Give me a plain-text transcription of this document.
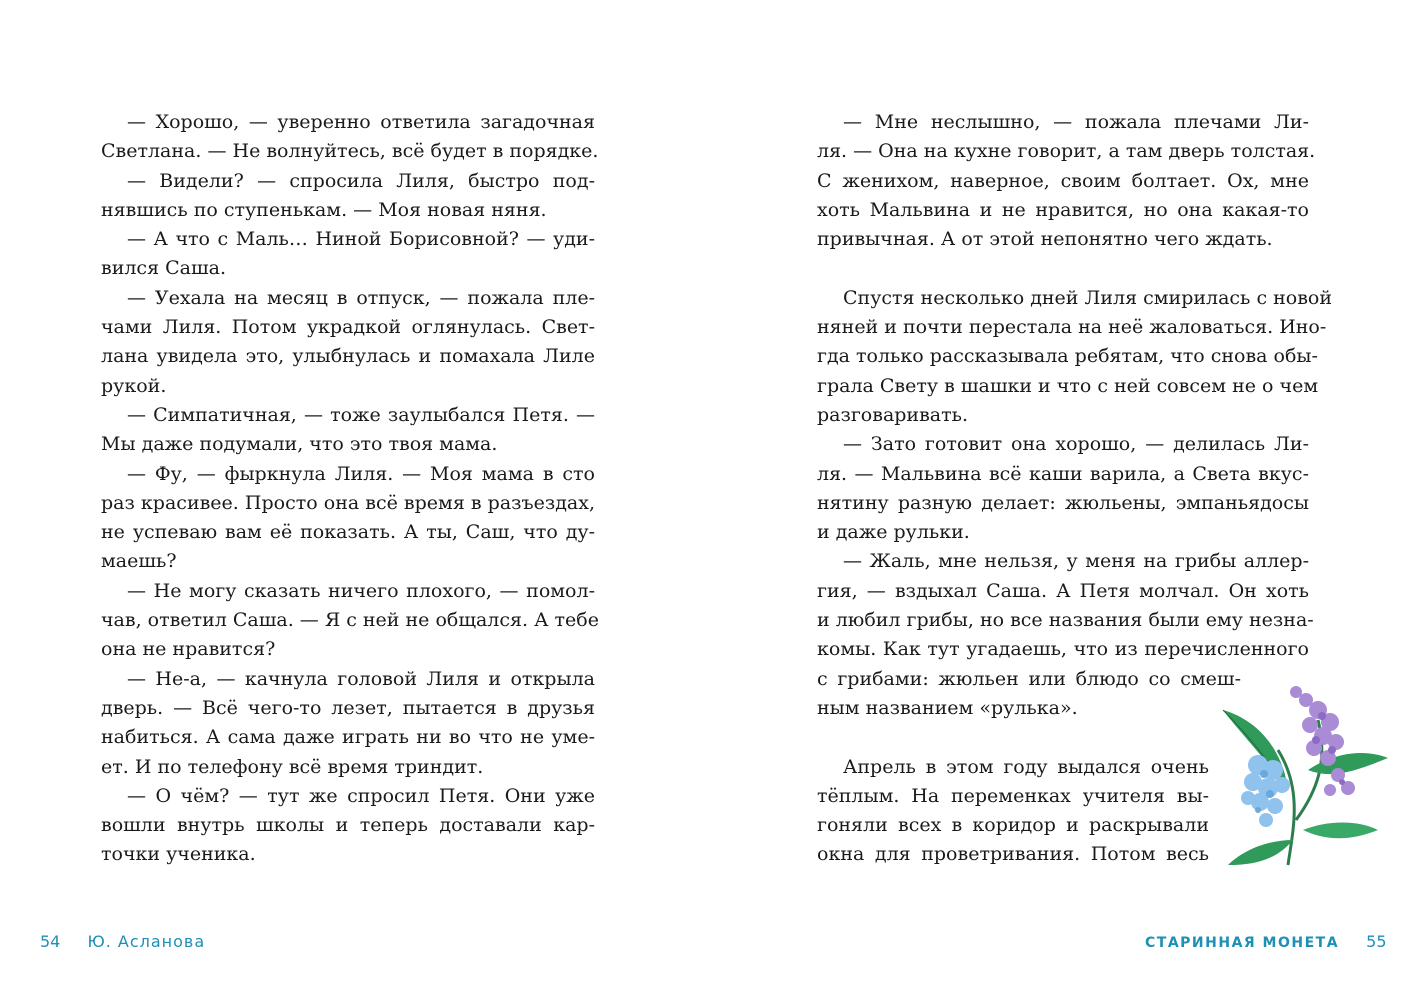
— Хорошо, — уверенно ответила загадочная
Светлана. — Не волнуйтесь, всё будет в порядке.
— Видели? — спросила Лиля, быстро под-
нявшись по ступенькам. — Моя новая няня.
— А что с Маль… Ниной Борисовной? — уди-
вился Саша.
— Уехала на месяц в отпуск, — пожала пле-
чами Лиля. Потом украдкой оглянулась. Свет-
лана увидела это, улыбнулась и помахала Лиле
рукой.
— Симпатичная, — тоже заулыбался Петя. —
Мы даже подумали, что это твоя мама.
— Фу, — фыркнула Лиля. — Моя мама в сто
раз красивее. Просто она всё время в разъездах,
не успеваю вам её показать. А ты, Саш, что ду-
маешь?
— Не могу сказать ничего плохого, — помол-
чав, ответил Саша. — Я с ней не общался. А тебе
она не нравится?
— Не-а, — качнула головой Лиля и открыла
дверь. — Всё чего-то лезет, пытается в друзья
набиться. А сама даже играть ни во что не уме-
ет. И по телефону всё время триндит.
— О чём? — тут же спросил Петя. Они уже
вошли внутрь школы и теперь доставали кар-
точки ученика.
54 Ю. Асланова
— Мне неслышно, — пожала плечами Ли-
ля. — Она на кухне говорит, а там дверь толстая.
С женихом, наверное, своим болтает. Ох, мне
хоть Мальвина и не нравится, но она какая-то
привычная. А от этой непонятно чего ждать.
Спустя несколько дней Лиля смирилась с новой
няней и почти перестала на неё жаловаться. Ино-
гда только рассказывала ребятам, что снова обы-
грала Свету в шашки и что с ней совсем не о чем
разговаривать.
— Зато готовит она хорошо, — делилась Ли-
ля. — Мальвина всё каши варила, а Света вкус-
нятину разную делает: жюльены, эмпаньядосы
и даже рульки.
— Жаль, мне нельзя, у меня на грибы аллер-
гия, — вздыхал Саша. А Петя молчал. Он хоть
и любил грибы, но все названия были ему незна-
комы. Как тут угадаешь, что из перечисленного
с грибами: жюльен или блюдо со смеш-
ным названием «рулька».
Апрель в этом году выдался очень
тёплым. На переменках учителя вы-
гоняли всех в коридор и раскрывали
окна для проветривания. Потом весь
СТАРИННАЯ МОНЕТА 55
